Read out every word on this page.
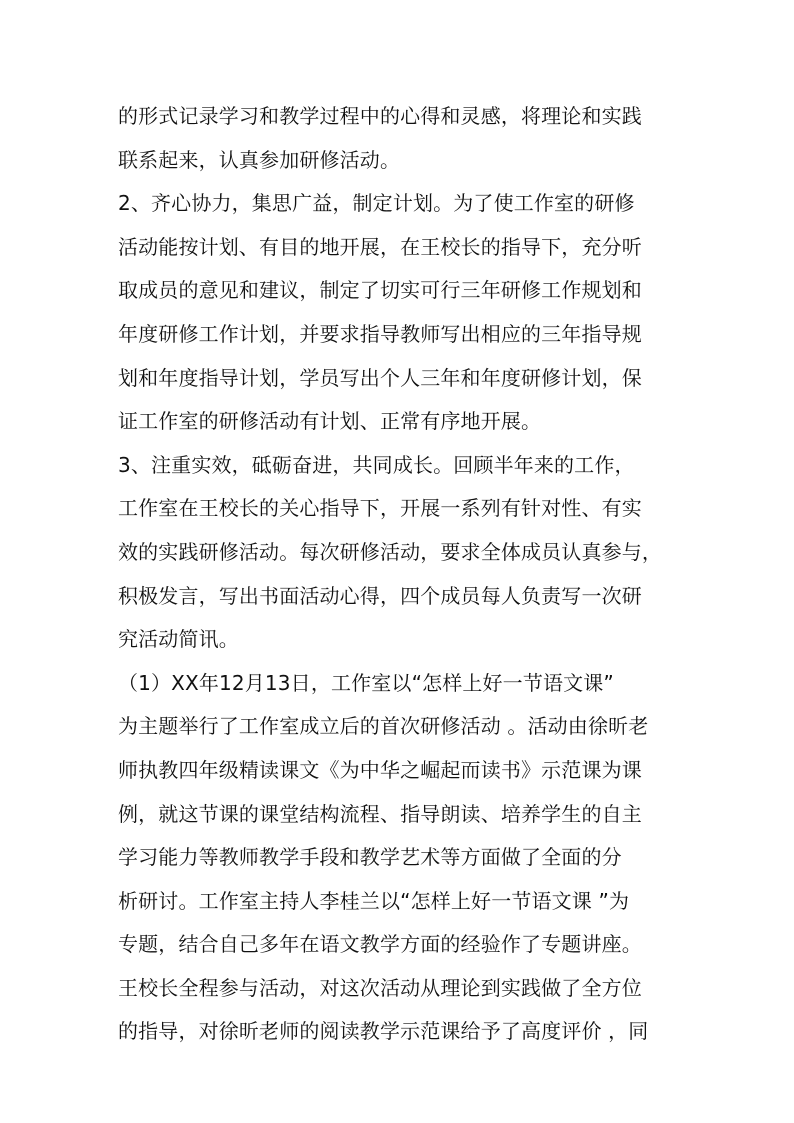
的形式记录学习和教学过程中的心得和灵感，将理论和实践
联系起来，认真参加研修活动。
2、齐心协力，集思广益，制定计划。为了使工作室的研修
活动能按计划、有目的地开展，在王校长的指导下，充分听
取成员的意见和建议，制定了切实可行三年研修工作规划和
年度研修工作计划，并要求指导教师写出相应的三年指导规
划和年度指导计划，学员写出个人三年和年度研修计划，保
证工作室的研修活动有计划、正常有序地开展。
3、注重实效，砥砺奋进，共同成长。回顾半年来的工作，
工作室在王校长的关心指导下，开展一系列有针对性、有实
效的实践研修活动。每次研修活动，要求全体成员认真参与，
积极发言，写出书面活动心得，四个成员每人负责写一次研
究活动简讯。
（1）XX年12月13日，工作室以“怎样上好一节语文课”
为主题举行了工作室成立后的首次研修活动 。活动由徐昕老
师执教四年级精读课文《为中华之崛起而读书》示范课为课
例，就这节课的课堂结构流程、指导朗读、培养学生的自主
学习能力等教师教学手段和教学艺术等方面做了全面的分
析研讨。工作室主持人李桂兰以“怎样上好一节语文课 ”为
专题，结合自己多年在语文教学方面的经验作了专题讲座。
王校长全程参与活动，对这次活动从理论到实践做了全方位
的指导，对徐昕老师的阅读教学示范课给予了高度评价 ，同
